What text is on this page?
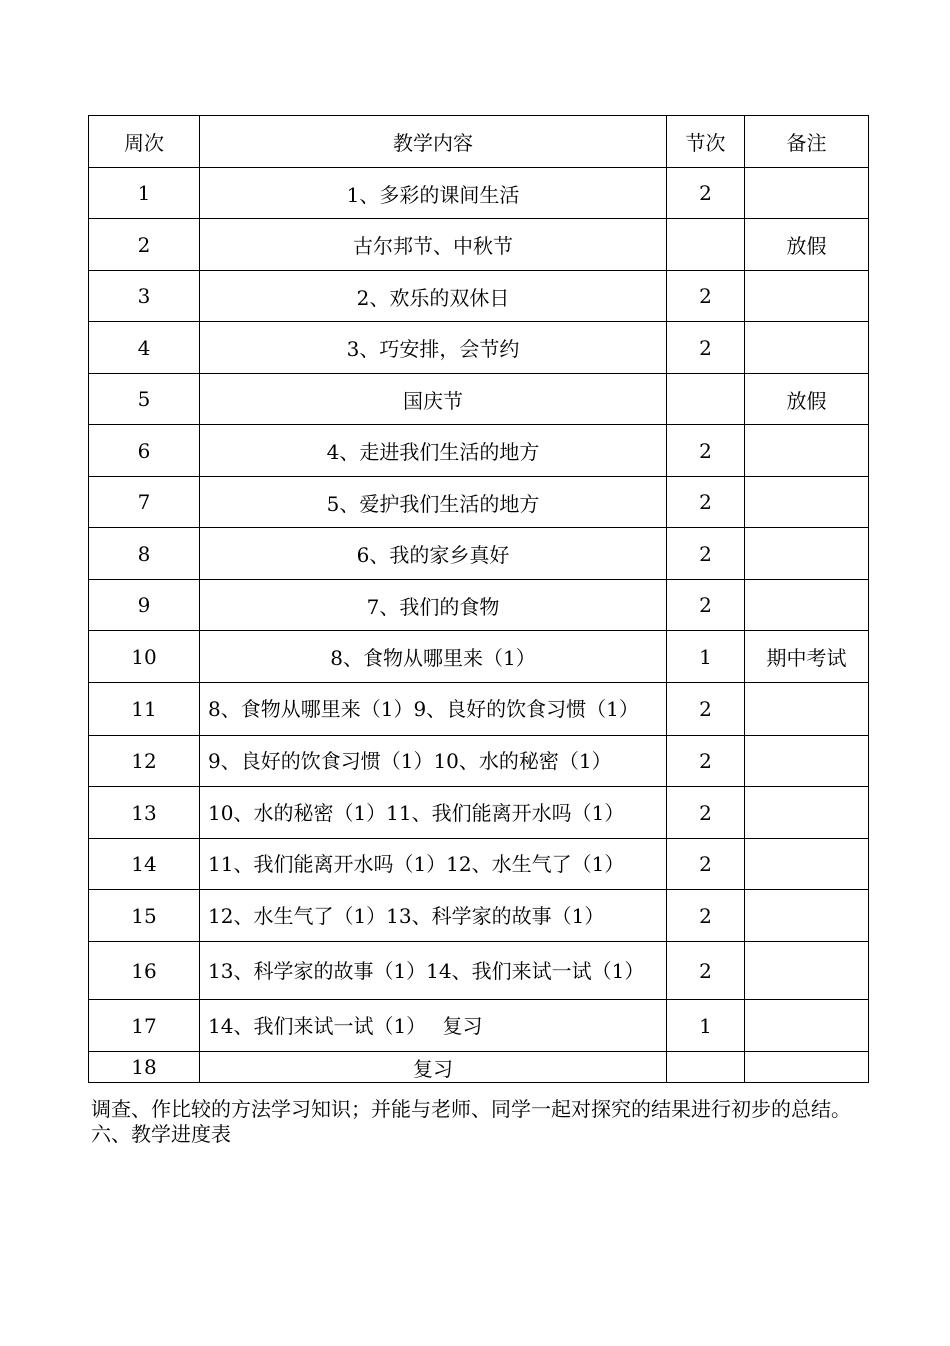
周次	教学内容	节次	备注
1	1、多彩的课间生活	2	
2	古尔邦节、中秋节		放假
3	2、欢乐的双休日	2	
4	3、巧安排，会节约	2	
5	国庆节		放假
6	4、走进我们生活的地方	2	
7	5、爱护我们生活的地方	2	
8	6、我的家乡真好	2	
9	7、我们的食物	2	
10	8、食物从哪里来（1）	1	期中考试
11	8、食物从哪里来（1）9、良好的饮食习惯（1）	2	
12	9、良好的饮食习惯（1）10、水的秘密（1）	2	
13	10、水的秘密（1）11、我们能离开水吗（1）	2	
14	11、我们能离开水吗（1）12、水生气了（1）	2	
15	12、水生气了（1）13、科学家的故事（1）	2	
16	13、科学家的故事（1）14、我们来试一试（1）	2	
17	14、我们来试一试（1）　 复习	1	
18	复习		

调查、作比较的方法学习知识；并能与老师、同学一起对探究的结果进行初步的总结。

六、教学进度表
